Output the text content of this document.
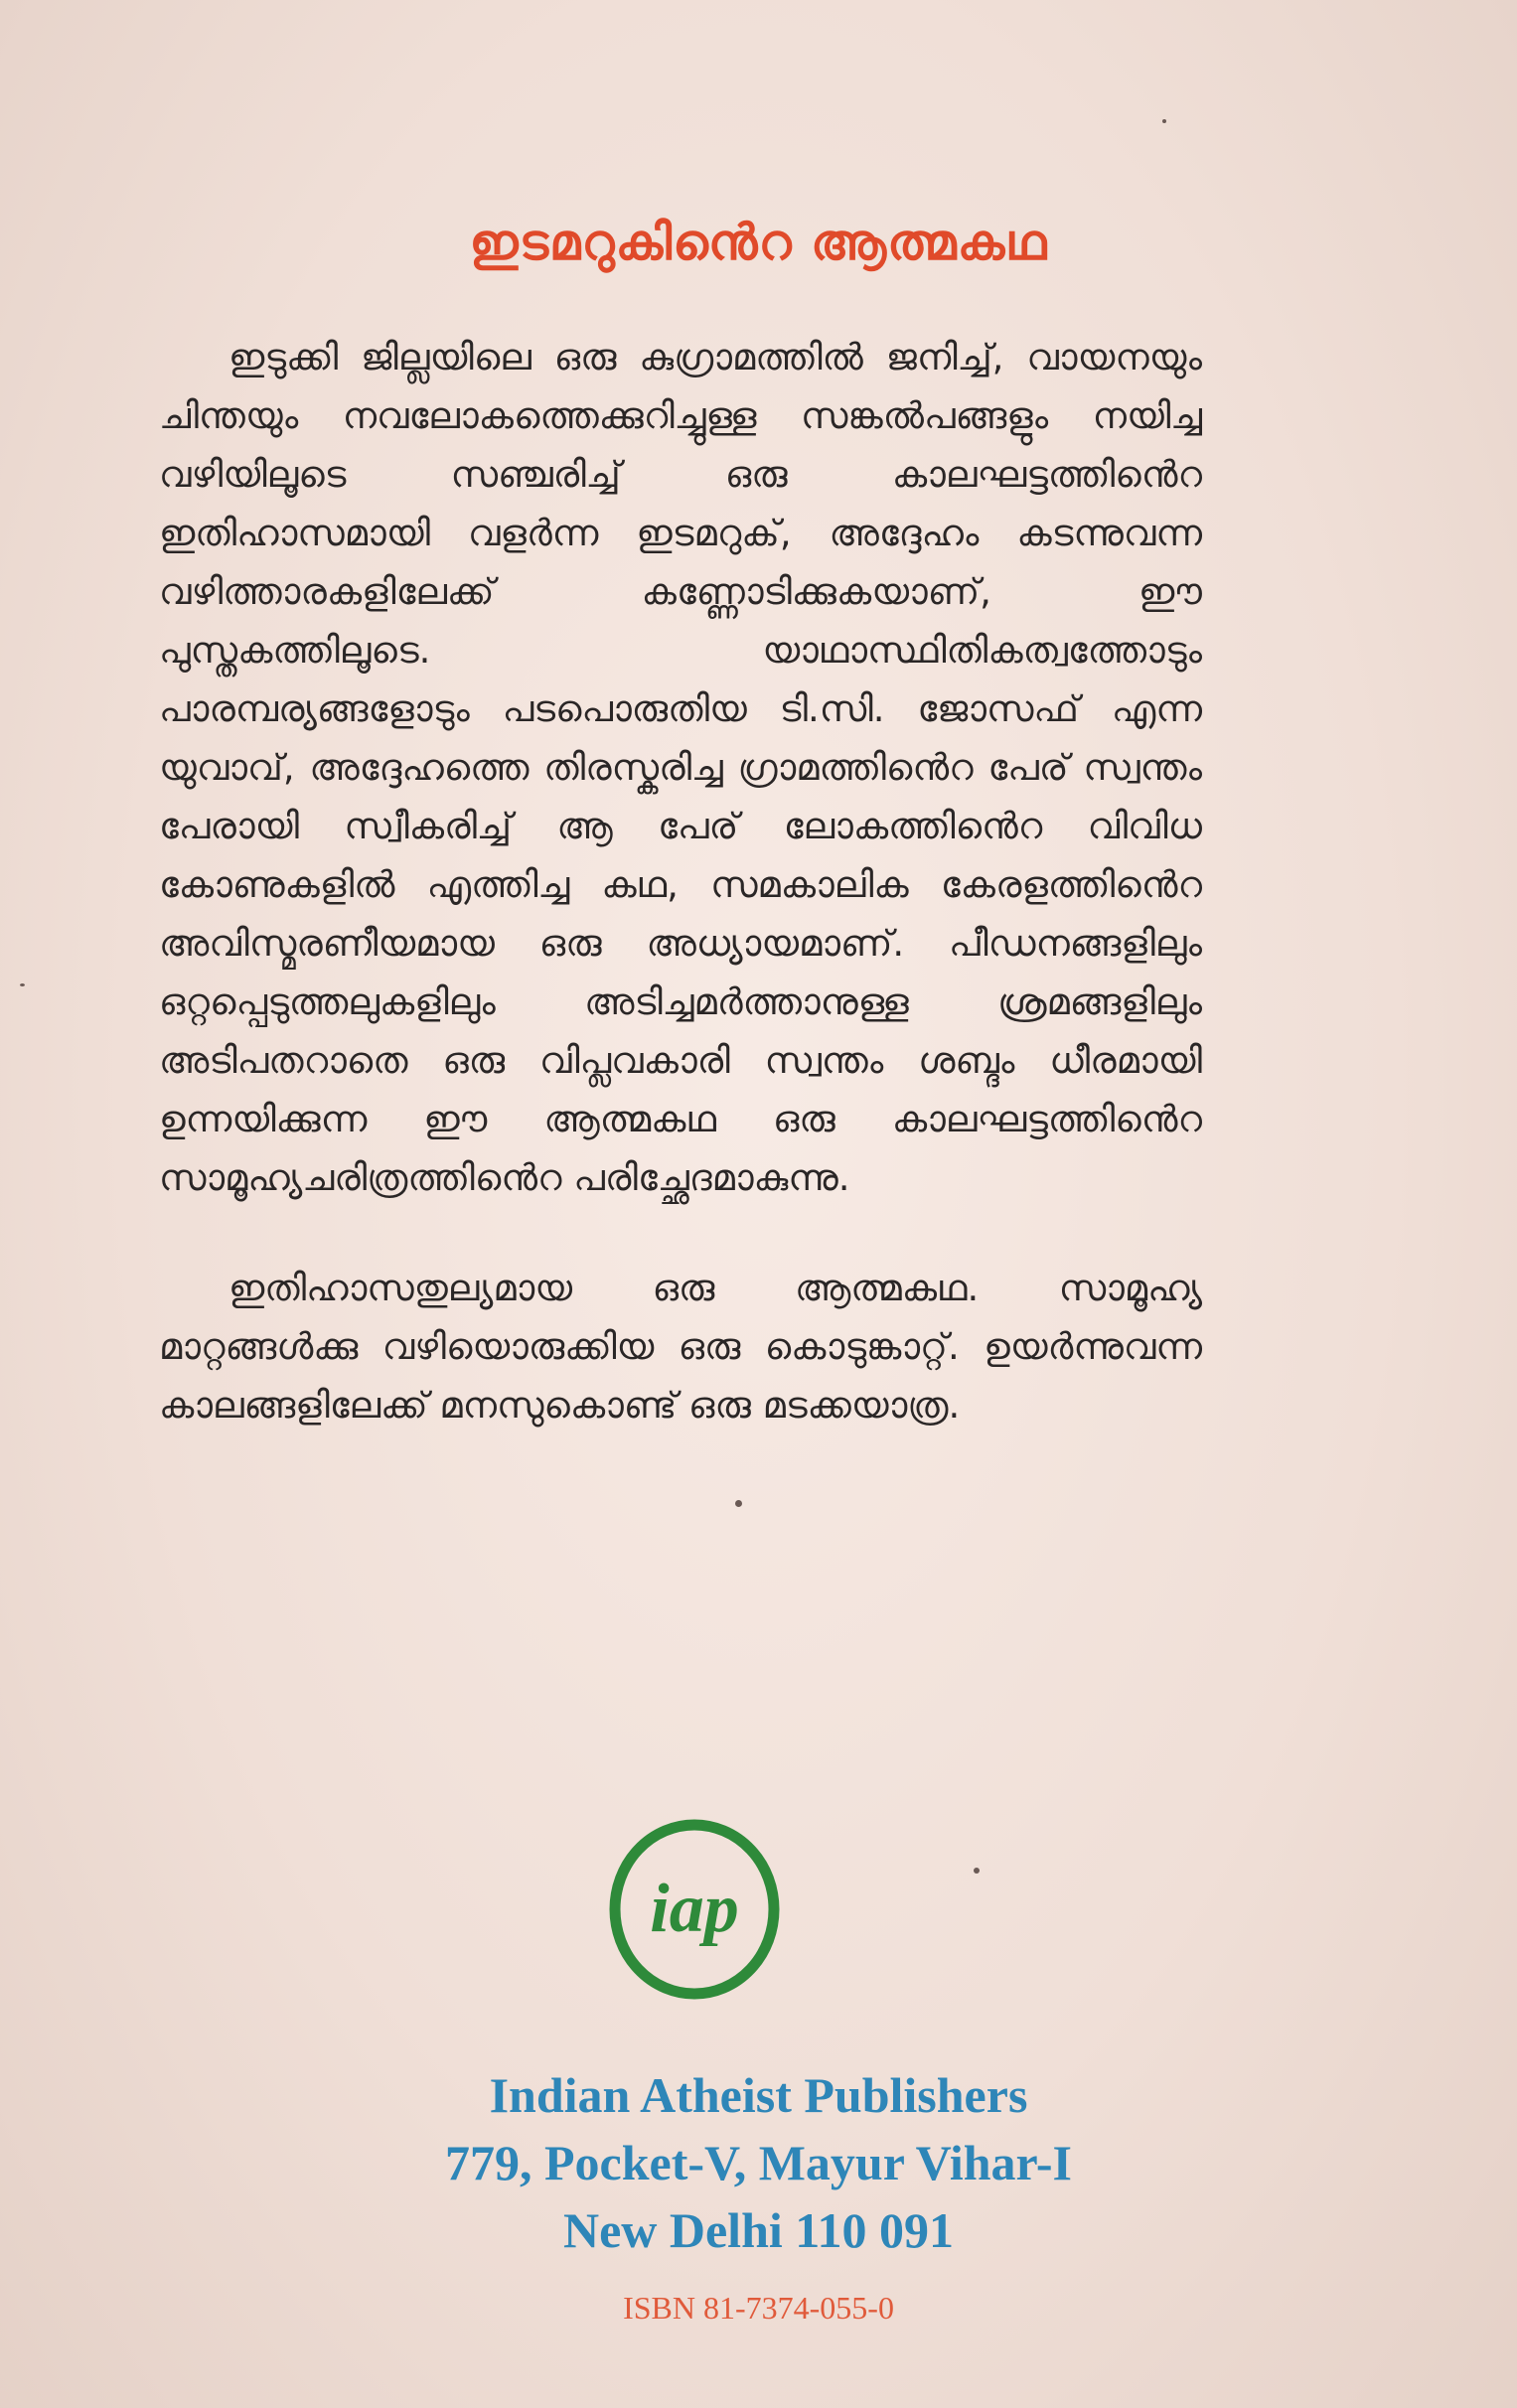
ഇടമറുകിൻെറ ആത്മകഥ

ഇടുക്കി ജില്ലയിലെ ഒരു കുഗ്രാമത്തിൽ ജനിച്ച്, വായനയും ചിന്തയും നവലോകത്തെക്കുറിച്ചുള്ള സങ്കൽപങ്ങളും നയിച്ച വഴിയിലൂടെ സഞ്ചരിച്ച് ഒരു കാലഘട്ടത്തിൻെറ ഇതിഹാസമായി വളർന്ന ഇടമറുക്, അദ്ദേഹം കടന്നുവന്ന വഴിത്താരകളിലേക്ക് കണ്ണോടിക്കുകയാണ്, ഈ പുസ്തകത്തിലൂടെ. യാഥാസ്ഥിതികത്വത്തോടും പാരമ്പര്യങ്ങളോടും പടപൊരുതിയ ടി.സി. ജോസഫ് എന്ന യുവാവ്, അദ്ദേഹത്തെ തിരസ്കരിച്ച ഗ്രാമത്തിൻെറ പേര് സ്വന്തം പേരായി സ്വീകരിച്ച് ആ പേര് ലോകത്തിൻെറ വിവിധ കോണുകളിൽ എത്തിച്ച കഥ, സമകാലിക കേരളത്തിൻെറ അവിസ്മരണീയമായ ഒരു അധ്യായമാണ്. പീഡനങ്ങളിലും ഒറ്റപ്പെടുത്തലുകളിലും അടിച്ചമർത്താനുള്ള ശ്രമങ്ങളിലും അടിപതറാതെ ഒരു വിപ്ലവകാരി സ്വന്തം ശബ്ദം ധീരമായി ഉന്നയിക്കുന്ന ഈ ആത്മകഥ ഒരു കാലഘട്ടത്തിൻെറ സാമൂഹ്യചരിത്രത്തിൻെറ പരിച്ഛേദമാകുന്നു.

ഇതിഹാസതുല്യമായ ഒരു ആത്മകഥ. സാമൂഹ്യ മാറ്റങ്ങൾക്കു വഴിയൊരുക്കിയ ഒരു കൊടുങ്കാറ്റ്. ഉയർന്നുവന്ന കാലങ്ങളിലേക്ക് മനസുകൊണ്ട് ഒരു മടക്കയാത്ര.

iap
Indian Atheist Publishers
779, Pocket-V, Mayur Vihar-I
New Delhi 110 091
ISBN 81-7374-055-0
